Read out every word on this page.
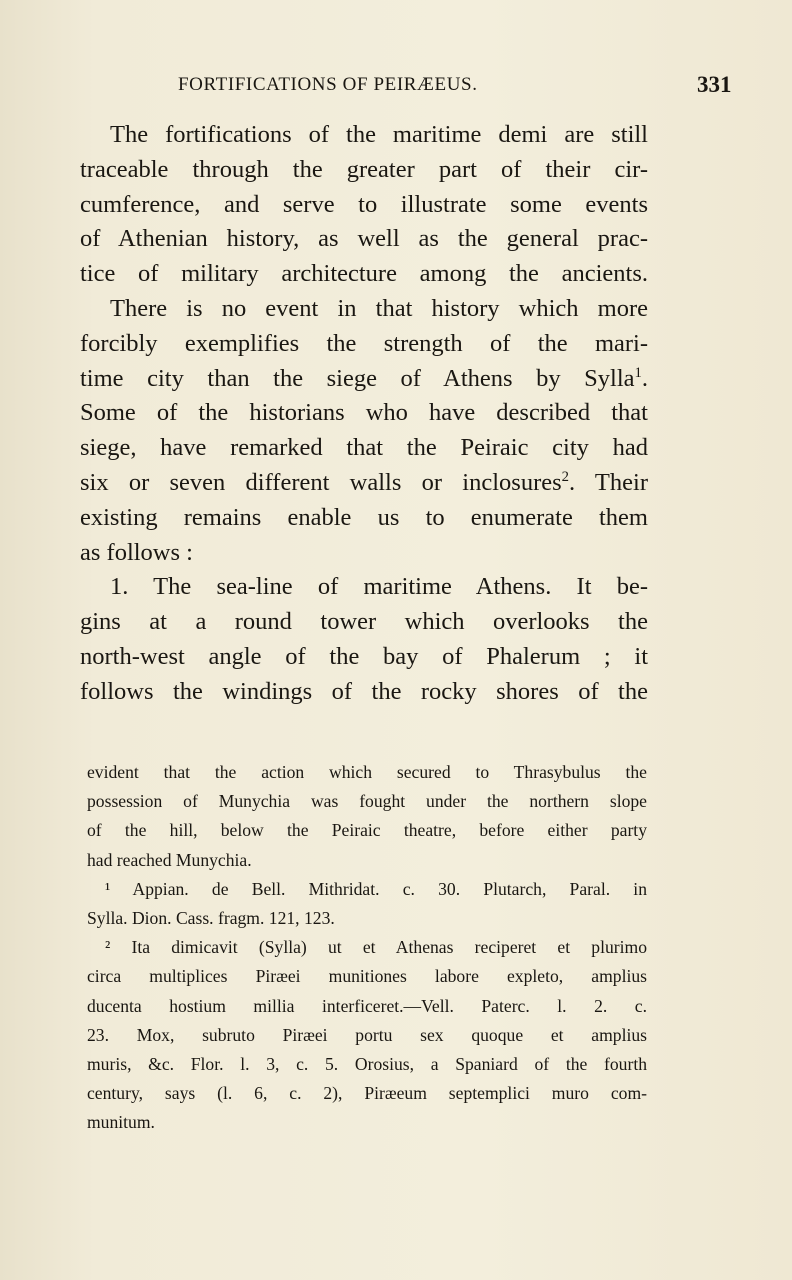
FORTIFICATIONS OF PEIRÆEUS.	331
The fortifications of the maritime demi are still
traceable through the greater part of their cir-
cumference, and serve to illustrate some events
of Athenian history, as well as the general prac-
tice of military architecture among the ancients.
There is no event in that history which more
forcibly exemplifies the strength of the mari-
time city than the siege of Athens by Sylla$^1$.
Some of the historians who have described that
siege, have remarked that the Peiraic city had
six or seven different walls or inclosures$^2$. Their
existing remains enable us to enumerate them
as follows :
1. The sea-line of maritime Athens. It be-
gins at a round tower which overlooks the
north-west angle of the bay of Phalerum ; it
follows the windings of the rocky shores of the
evident that the action which secured to Thrasybulus the
possession of Munychia was fought under the northern slope
of the hill, below the Peiraic theatre, before either party
had reached Munychia.
¹ Appian. de Bell. Mithridat. c. 30. Plutarch, Paral. in
Sylla. Dion. Cass. fragm. 121, 123.
² Ita dimicavit (Sylla) ut et Athenas reciperet et plurimo
circa multiplices Piræei munitiones labore expleto, amplius
ducenta hostium millia interficeret.—Vell. Paterc. l. 2. c.
23. Mox, subruto Piræei portu sex quoque et amplius
muris, &c. Flor. l. 3, c. 5. Orosius, a Spaniard of the fourth
century, says (l. 6, c. 2), Piræeum septemplici muro com-
munitum.
